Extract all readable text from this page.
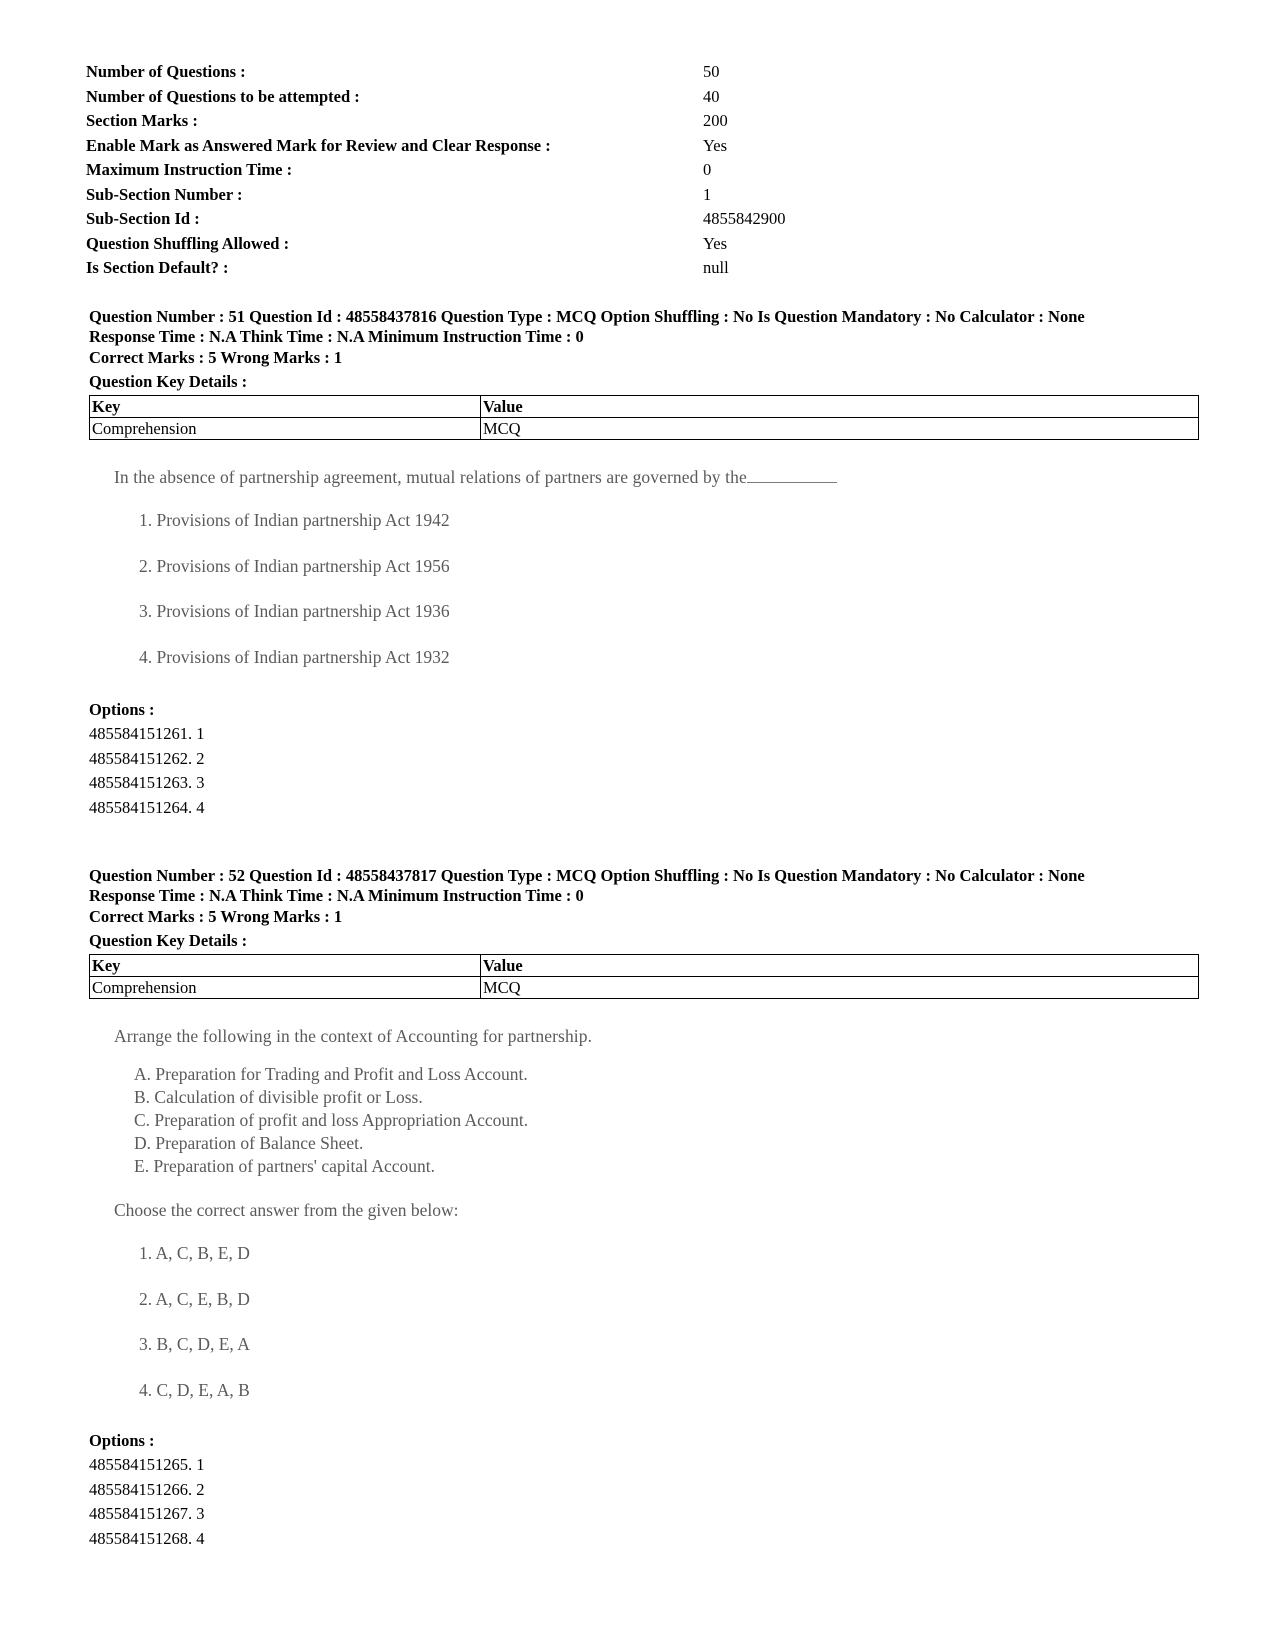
Number of Questions :	50
Number of Questions to be attempted :	40
Section Marks :	200
Enable Mark as Answered Mark for Review and Clear Response :	Yes
Maximum Instruction Time :	0
Sub-Section Number :	1
Sub-Section Id :	4855842900
Question Shuffling Allowed :	Yes
Is Section Default? :	null
Question Number : 51 Question Id : 48558437816 Question Type : MCQ Option Shuffling : No Is Question Mandatory : No Calculator : None
Response Time : N.A Think Time : N.A Minimum Instruction Time : 0
Correct Marks : 5 Wrong Marks : 1
Question Key Details :
Key	Value
Comprehension	MCQ
In the absence of partnership agreement, mutual relations of partners are governed by the
1. Provisions of Indian partnership Act 1942
2. Provisions of Indian partnership Act 1956
3. Provisions of Indian partnership Act 1936
4. Provisions of Indian partnership Act 1932
Options :
485584151261. 1
485584151262. 2
485584151263. 3
485584151264. 4
Question Number : 52 Question Id : 48558437817 Question Type : MCQ Option Shuffling : No Is Question Mandatory : No Calculator : None
Response Time : N.A Think Time : N.A Minimum Instruction Time : 0
Correct Marks : 5 Wrong Marks : 1
Question Key Details :
Key	Value
Comprehension	MCQ
Arrange the following in the context of Accounting for partnership.
A. Preparation for Trading and Profit and Loss Account.
B. Calculation of divisible profit or Loss.
C. Preparation of profit and loss Appropriation Account.
D. Preparation of Balance Sheet.
E. Preparation of partners' capital Account.
Choose the correct answer from the given below:
1. A, C, B, E, D
2. A, C, E, B, D
3. B, C, D, E, A
4. C, D, E, A, B
Options :
485584151265. 1
485584151266. 2
485584151267. 3
485584151268. 4
